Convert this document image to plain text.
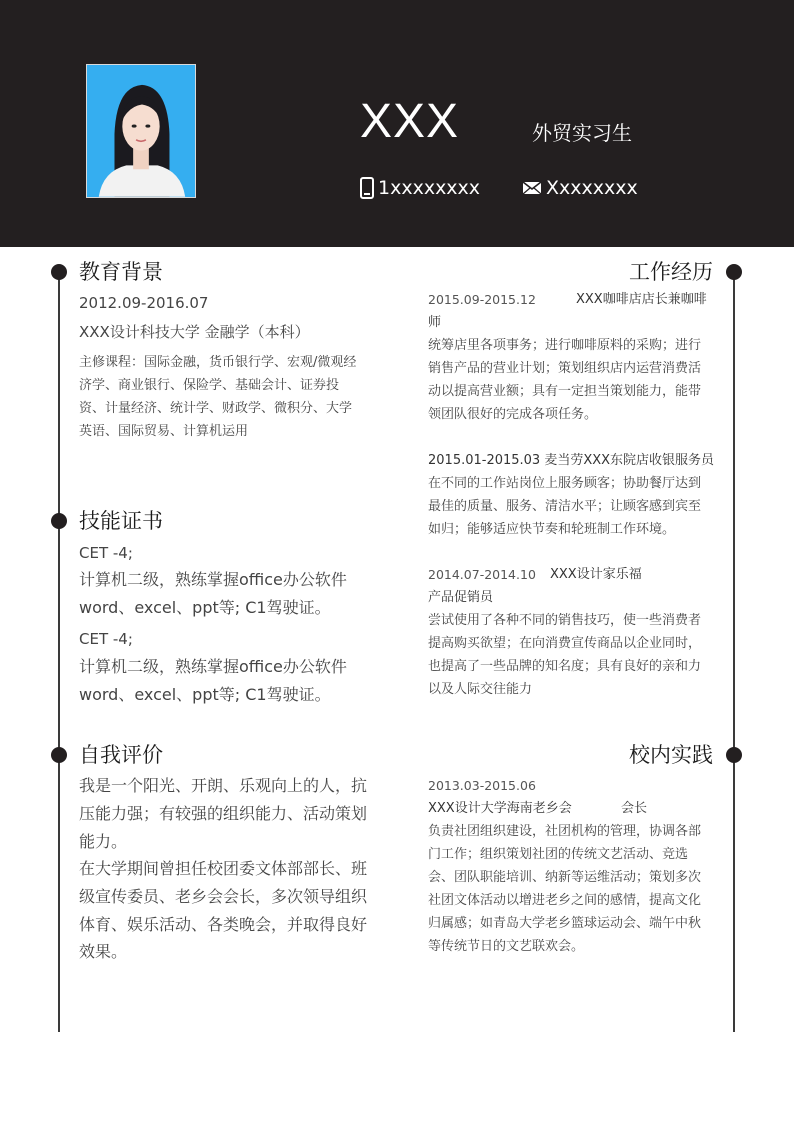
XXX	外贸实习生
1xxxxxxxx	Xxxxxxxx
教育背景
2012.09-2016.07
XXX设计科技大学 金融学（本科）
主修课程：国际金融，货币银行学、宏观/微观经
济学、商业银行、保险学、基础会计、证券投
资、计量经济、统计学、财政学、微积分、大学
英语、国际贸易、计算机运用
技能证书
CET -4;
计算机二级，熟练掌握office办公软件
word、excel、ppt等; C1驾驶证。
CET -4;
计算机二级，熟练掌握office办公软件
word、excel、ppt等; C1驾驶证。
自我评价
我是一个阳光、开朗、乐观向上的人，抗
压能力强；有较强的组织能力、活动策划
能力。
在大学期间曾担任校团委文体部部长、班
级宣传委员、老乡会会长，多次领导组织
体育、娱乐活动、各类晚会，并取得良好
效果。
工作经历
2015.09-2015.12	XXX咖啡店店长兼咖啡
师
统筹店里各项事务；进行咖啡原料的采购；进行
销售产品的营业计划；策划组织店内运营消费活
动以提高营业额；具有一定担当策划能力，能带
领团队很好的完成各项任务。
2015.01-2015.03 麦当劳XXX东院店收银服务员
在不同的工作站岗位上服务顾客；协助餐厅达到
最佳的质量、服务、清洁水平；让顾客感到宾至
如归；能够适应快节奏和轮班制工作环境。
2014.07-2014.10 XXX设计家乐福
产品促销员
尝试使用了各种不同的销售技巧，使一些消费者
提高购买欲望；在向消费宣传商品以企业同时，
也提高了一些品牌的知名度；具有良好的亲和力
以及人际交往能力
校内实践
2013.03-2015.06
XXX设计大学海南老乡会	会长
负责社团组织建设，社团机构的管理，协调各部
门工作；组织策划社团的传统文艺活动、竞选
会、团队职能培训、纳新等运维活动；策划多次
社团文体活动以增进老乡之间的感情，提高文化
归属感；如青岛大学老乡篮球运动会、端午中秋
等传统节日的文艺联欢会。
